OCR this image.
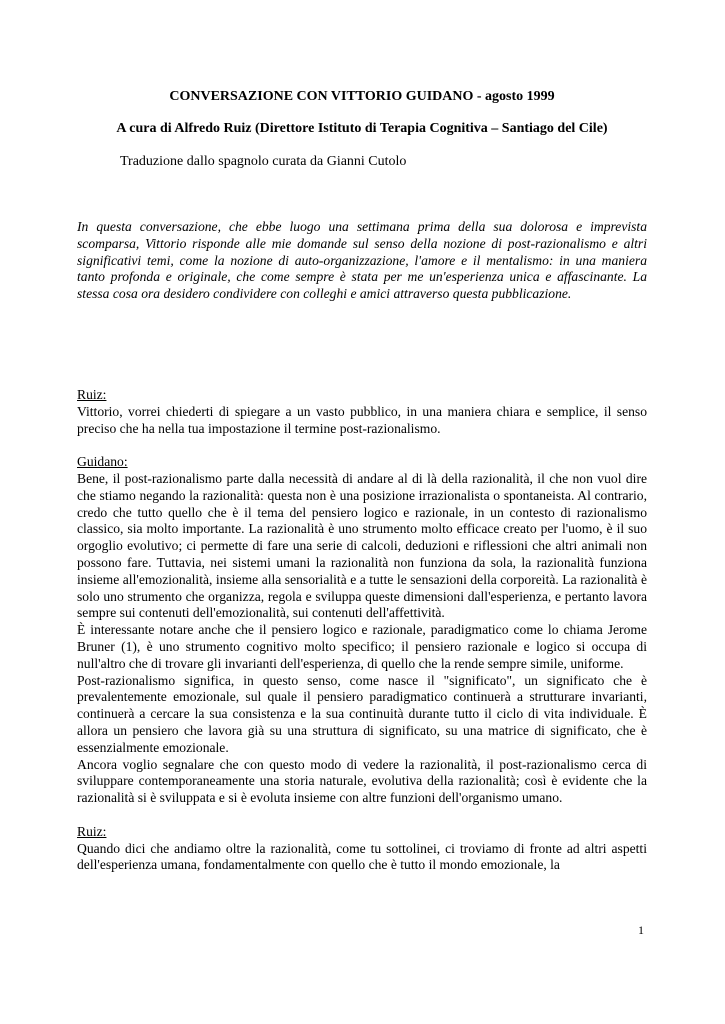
CONVERSAZIONE CON VITTORIO GUIDANO - agosto 1999
A cura di Alfredo Ruiz (Direttore Istituto di Terapia Cognitiva – Santiago del Cile)
Traduzione dallo spagnolo curata da Gianni Cutolo

In questa conversazione, che ebbe luogo una settimana prima della sua dolorosa e imprevista scomparsa, Vittorio risponde alle mie domande sul senso della nozione di post-razionalismo e altri significativi temi, come la nozione di auto-organizzazione, l'amore e il mentalismo: in una maniera tanto profonda e originale, che come sempre è stata per me un'esperienza unica e affascinante. La stessa cosa ora desidero condividere con colleghi e amici attraverso questa pubblicazione.

Ruiz:

Vittorio, vorrei chiederti di spiegare a un vasto pubblico, in una maniera chiara e semplice, il senso preciso che ha nella tua impostazione il termine post-razionalismo.

Guidano:

Bene, il post-razionalismo parte dalla necessità di andare al di là della razionalità, il che non vuol dire che stiamo negando la razionalità: questa non è una posizione irrazionalista o spontaneista. Al contrario, credo che tutto quello che è il tema del pensiero logico e razionale, in un contesto di razionalismo classico, sia molto importante. La razionalità è uno strumento molto efficace creato per l'uomo, è il suo orgoglio evolutivo; ci permette di fare una serie di calcoli, deduzioni e riflessioni che altri animali non possono fare. Tuttavia, nei sistemi umani la razionalità non funziona da sola, la razionalità funziona insieme all'emozionalità, insieme alla sensorialità e a tutte le sensazioni della corporeità. La razionalità è solo uno strumento che organizza, regola e sviluppa queste dimensioni dall'esperienza, e pertanto lavora sempre sui contenuti dell'emozionalità, sui contenuti dell'affettività.

È interessante notare anche che il pensiero logico e razionale, paradigmatico come lo chiama Jerome Bruner (1), è uno strumento cognitivo molto specifico; il pensiero razionale e logico si occupa di null'altro che di trovare gli invarianti dell'esperienza, di quello che la rende sempre simile, uniforme.

Post-razionalismo significa, in questo senso, come nasce il "significato", un significato che è prevalentemente emozionale, sul quale il pensiero paradigmatico continuerà a strutturare invarianti, continuerà a cercare la sua consistenza e la sua continuità durante tutto il ciclo di vita individuale. È allora un pensiero che lavora già su una struttura di significato, su una matrice di significato, che è essenzialmente emozionale.

Ancora voglio segnalare che con questo modo di vedere la razionalità, il post-razionalismo cerca di sviluppare contemporaneamente una storia naturale, evolutiva della razionalità; così è evidente che la razionalità si è sviluppata e si è evoluta insieme con altre funzioni dell'organismo umano.

Ruiz:

Quando dici che andiamo oltre la razionalità, come tu sottolinei, ci troviamo di fronte ad altri aspetti dell'esperienza umana, fondamentalmente con quello che è tutto il mondo emozionale, la

1
